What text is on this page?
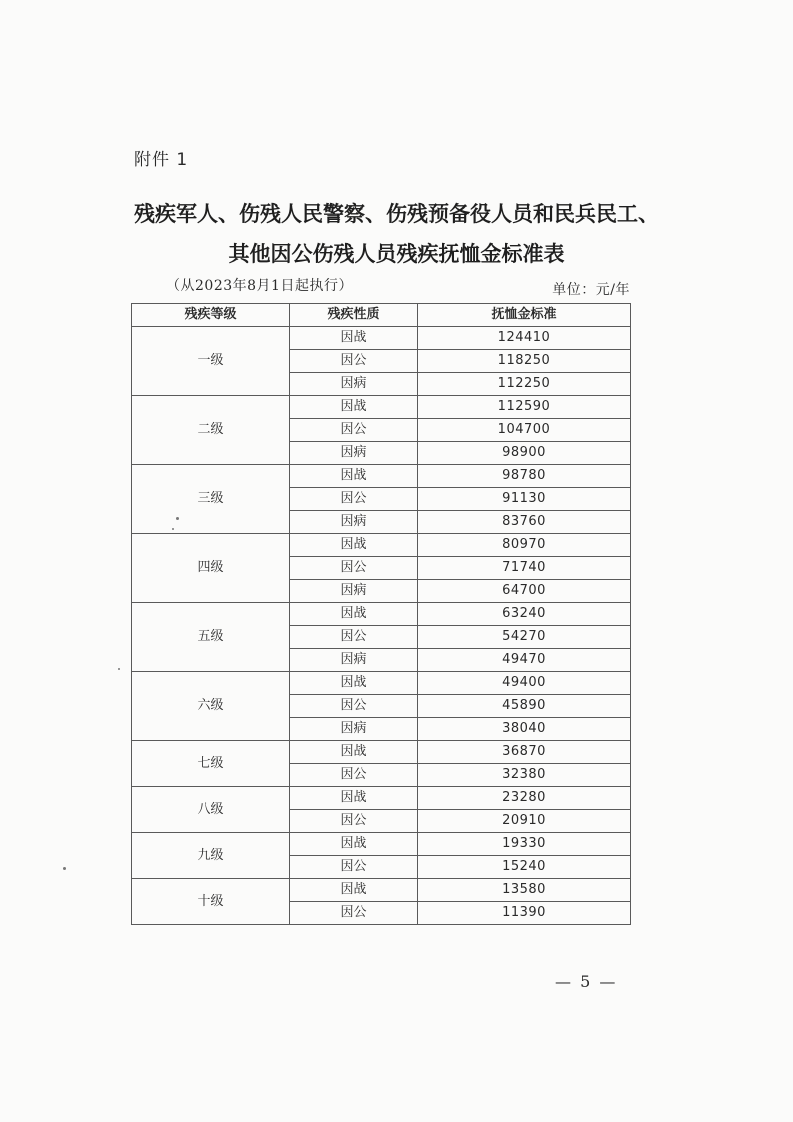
附件 1
残疾军人、伤残人民警察、伤残预备役人员和民兵民工、
其他因公伤残人员残疾抚恤金标准表
（从2023年8月1日起执行）	单位：元/年
残疾等级	残疾性质	抚恤金标准
一级	因战	124410
	因公	118250
	因病	112250
二级	因战	112590
	因公	104700
	因病	98900
三级	因战	98780
	因公	91130
	因病	83760
四级	因战	80970
	因公	71740
	因病	64700
五级	因战	63240
	因公	54270
	因病	49470
六级	因战	49400
	因公	45890
	因病	38040
七级	因战	36870
	因公	32380
八级	因战	23280
	因公	20910
九级	因战	19330
	因公	15240
十级	因战	13580
	因公	11390
— 5 —
